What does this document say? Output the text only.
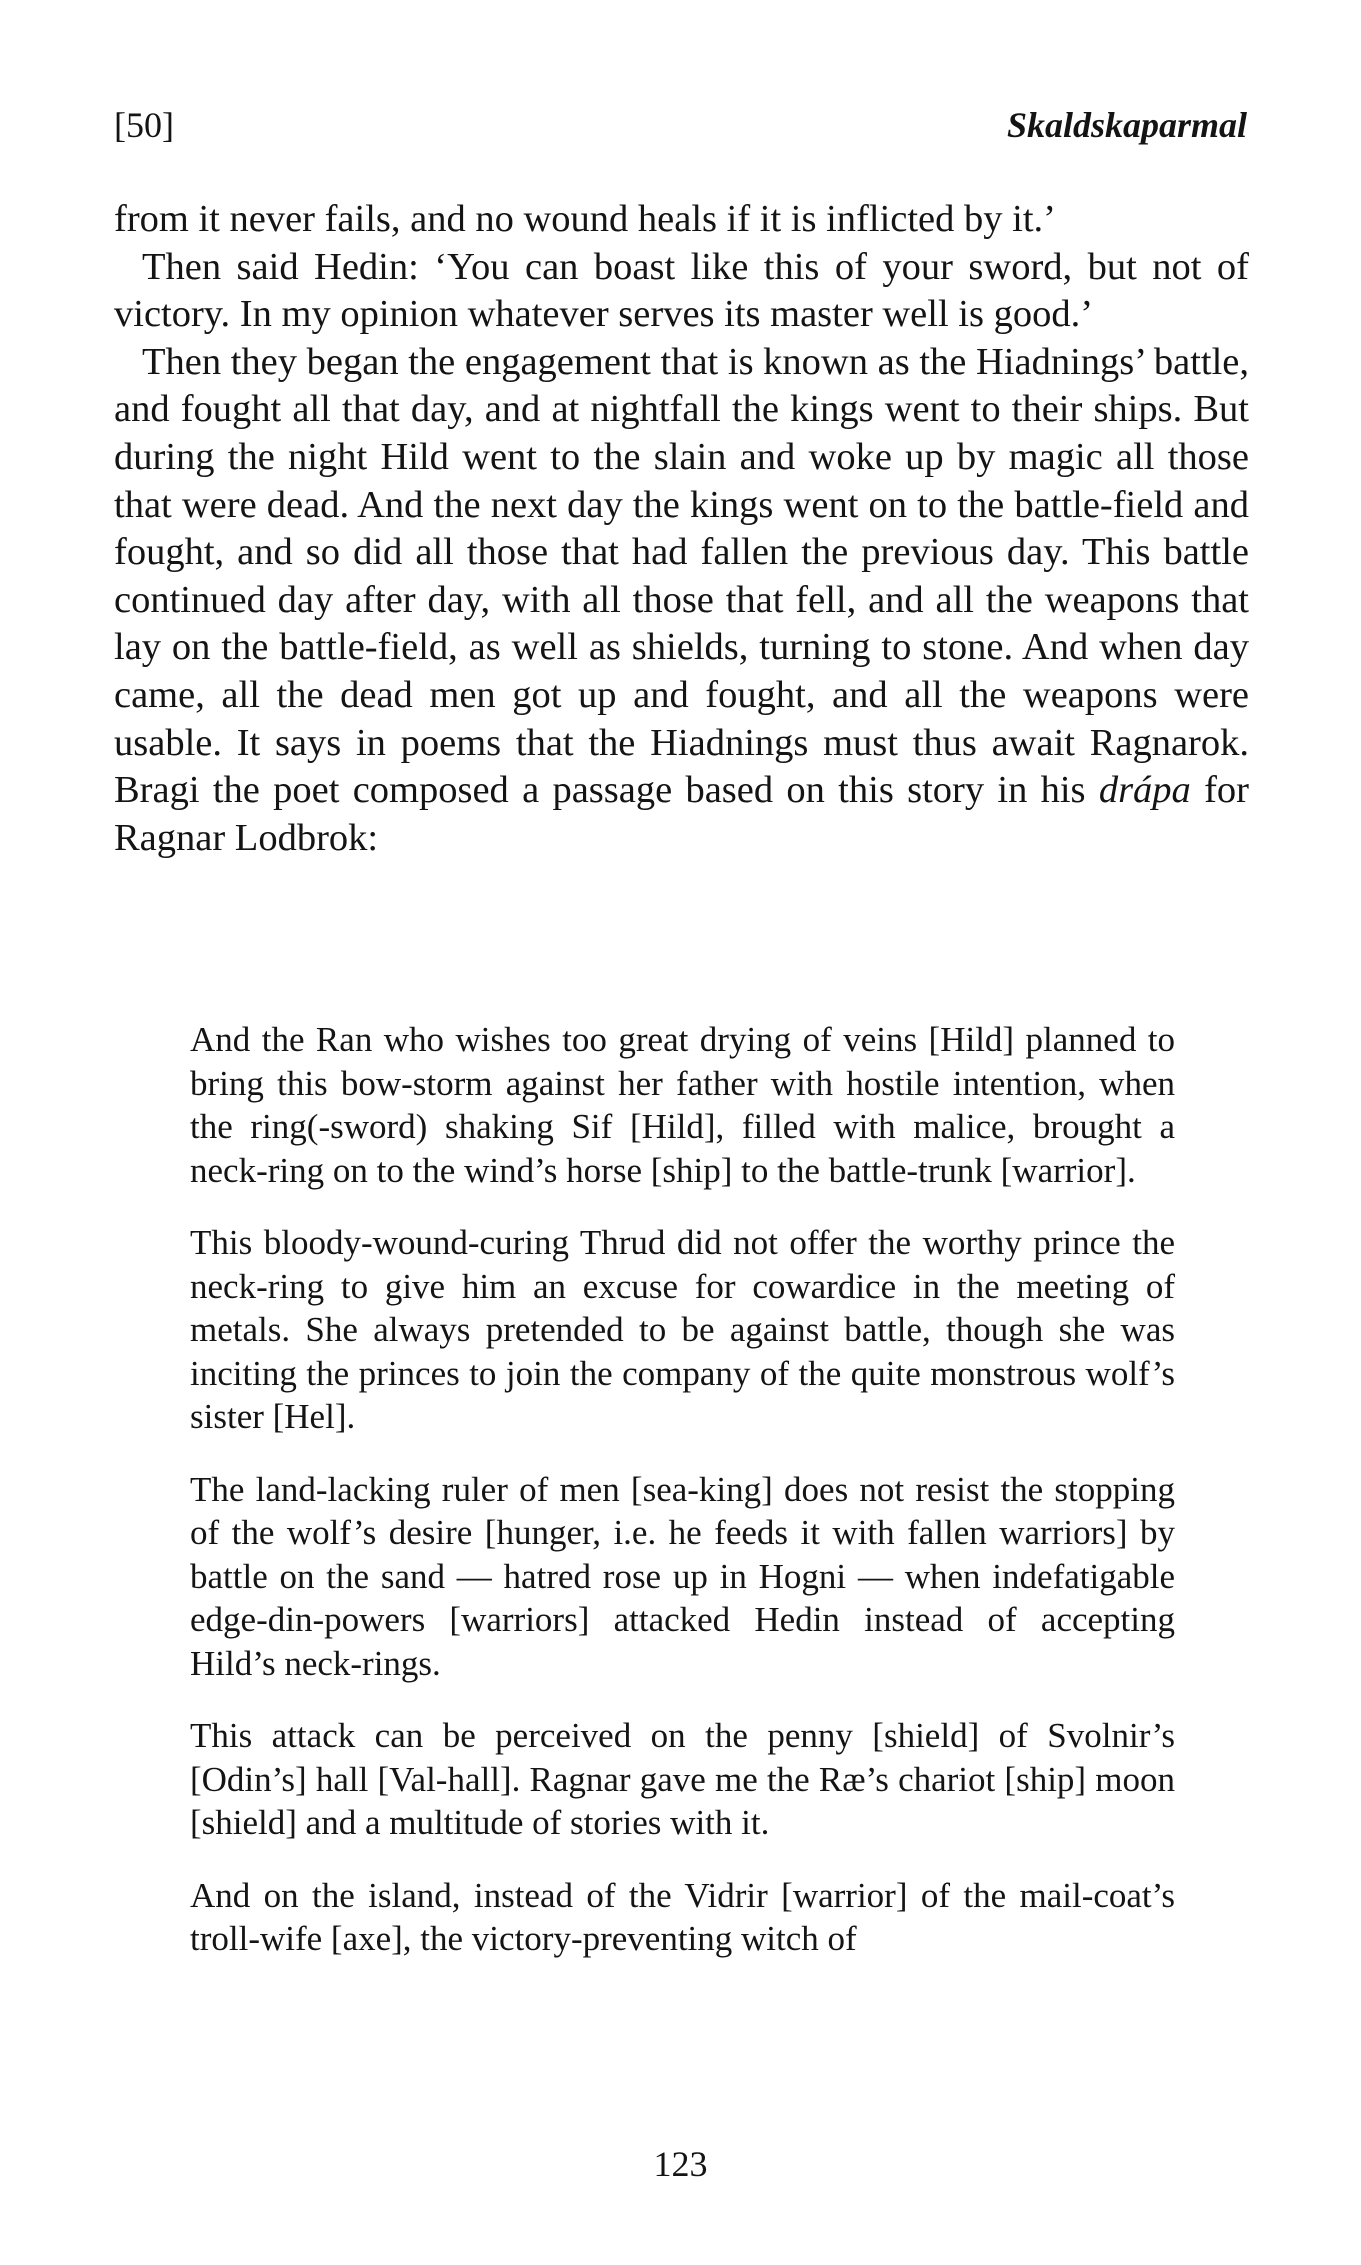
[50]	Skaldskaparmal

from it never fails, and no wound heals if it is inflicted by it.’

Then said Hedin: ‘You can boast like this of your sword, but not of victory. In my opinion whatever serves its master well is good.’

Then they began the engagement that is known as the Hiadnings’ battle, and fought all that day, and at nightfall the kings went to their ships. But during the night Hild went to the slain and woke up by magic all those that were dead. And the next day the kings went on to the battle-field and fought, and so did all those that had fallen the previous day. This battle continued day after day, with all those that fell, and all the weapons that lay on the battle-field, as well as shields, turning to stone. And when day came, all the dead men got up and fought, and all the weapons were usable. It says in poems that the Hiadnings must thus await Ragnarok. Bragi the poet composed a passage based on this story in his drápa for Ragnar Lodbrok:

And the Ran who wishes too great drying of veins [Hild] planned to bring this bow-storm against her father with hostile intention, when the ring(-sword) shaking Sif [Hild], filled with malice, brought a neck-ring on to the wind’s horse [ship] to the battle-trunk [warrior].

This bloody-wound-curing Thrud did not offer the worthy prince the neck-ring to give him an excuse for cowardice in the meeting of metals. She always pretended to be against battle, though she was inciting the princes to join the company of the quite monstrous wolf’s sister [Hel].

The land-lacking ruler of men [sea-king] does not resist the stopping of the wolf’s desire [hunger, i.e. he feeds it with fallen warriors] by battle on the sand — hatred rose up in Hogni — when indefatigable edge-din-powers [warriors] attacked Hedin instead of accepting Hild’s neck-rings.

This attack can be perceived on the penny [shield] of Svolnir’s [Odin’s] hall [Val-hall]. Ragnar gave me the Ræ’s chariot [ship] moon [shield] and a multitude of stories with it.

And on the island, instead of the Vidrir [warrior] of the mail-coat’s troll-wife [axe], the victory-preventing witch of

123
